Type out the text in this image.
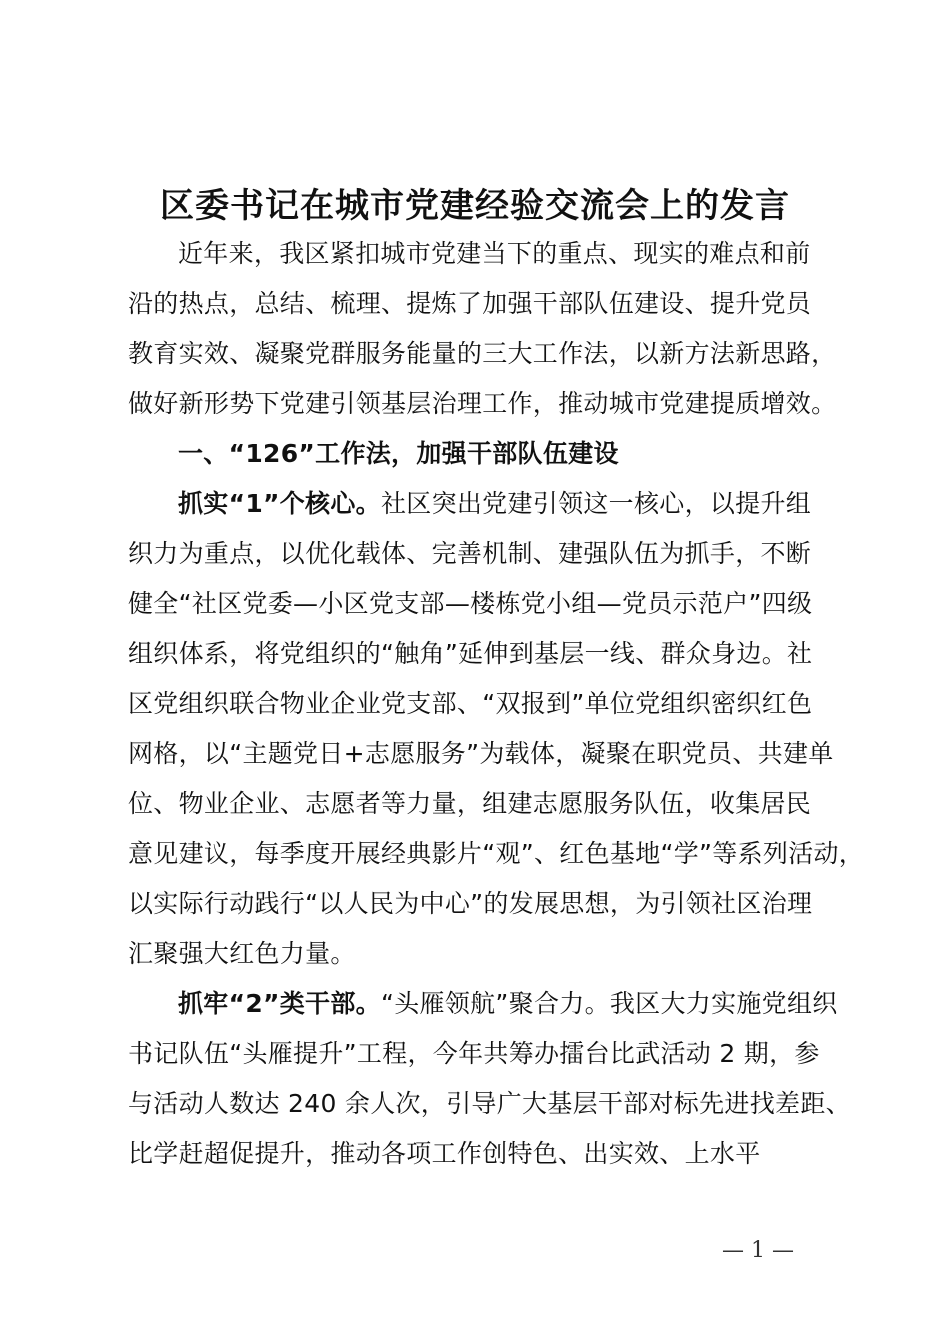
区委书记在城市党建经验交流会上的发言
近年来，我区紧扣城市党建当下的重点、现实的难点和前
沿的热点，总结、梳理、提炼了加强干部队伍建设、提升党员
教育实效、凝聚党群服务能量的三大工作法，以新方法新思路，
做好新形势下党建引领基层治理工作，推动城市党建提质增效。
一、“126”工作法，加强干部队伍建设
抓实“1”个核心。社区突出党建引领这一核心，以提升组
织力为重点，以优化载体、完善机制、建强队伍为抓手，不断
健全“社区党委—小区党支部—楼栋党小组—党员示范户”四级
组织体系，将党组织的“触角”延伸到基层一线、群众身边。社
区党组织联合物业企业党支部、“双报到”单位党组织密织红色
网格，以“主题党日+志愿服务”为载体，凝聚在职党员、共建单
位、物业企业、志愿者等力量，组建志愿服务队伍，收集居民
意见建议，每季度开展经典影片“观”、红色基地“学”等系列活动，
以实际行动践行“以人民为中心”的发展思想，为引领社区治理
汇聚强大红色力量。
抓牢“2”类干部。“头雁领航”聚合力。我区大力实施党组织
书记队伍“头雁提升”工程，今年共筹办擂台比武活动 2 期，参
与活动人数达 240 余人次，引导广大基层干部对标先进找差距、
比学赶超促提升，推动各项工作创特色、出实效、上水平
— 1 —
